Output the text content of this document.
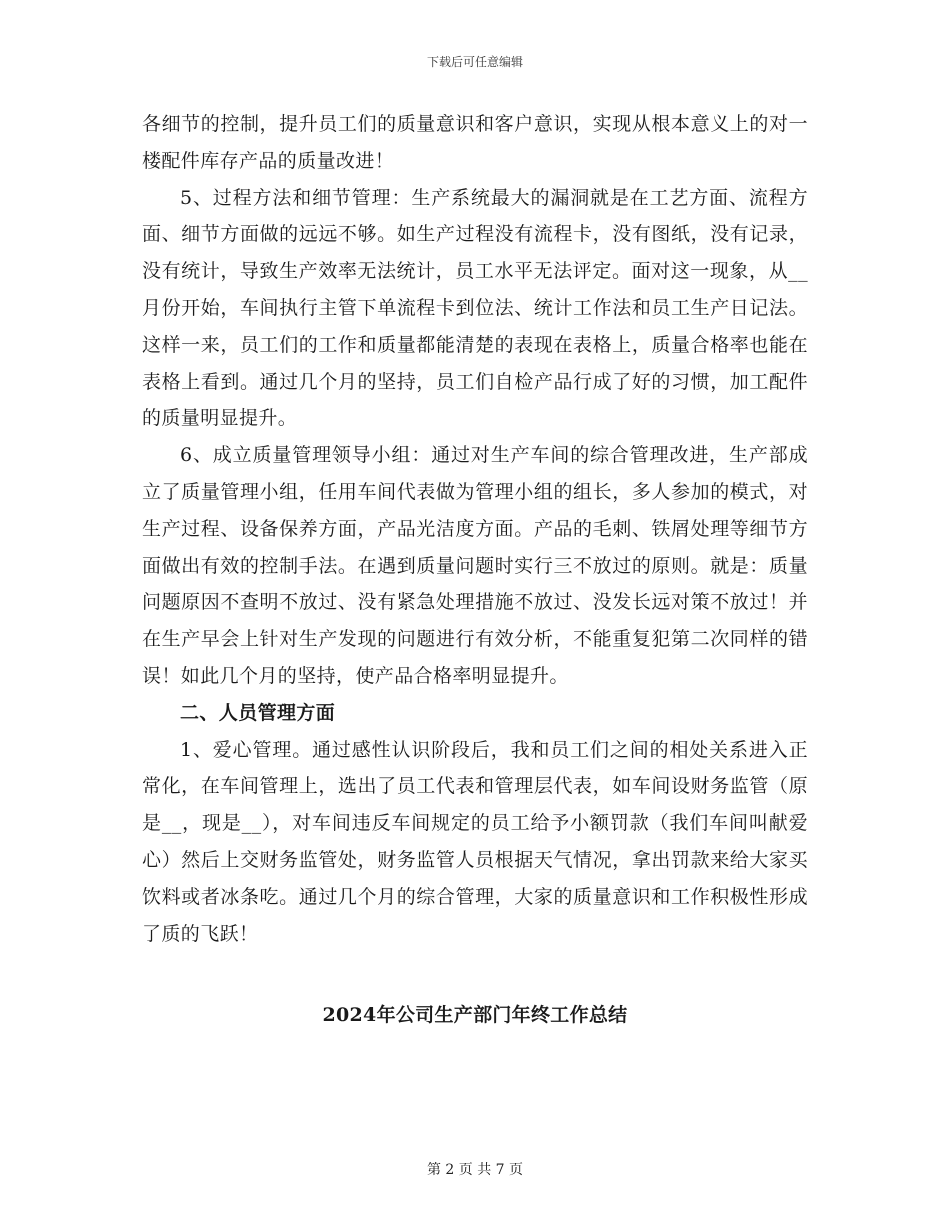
下载后可任意编辑

各细节的控制，提升员工们的质量意识和客户意识，实现从根本意义上的对一楼配件库存产品的质量改进！

5、过程方法和细节管理：生产系统最大的漏洞就是在工艺方面、流程方面、细节方面做的远远不够。如生产过程没有流程卡，没有图纸，没有记录，没有统计，导致生产效率无法统计，员工水平无法评定。面对这一现象，从__月份开始，车间执行主管下单流程卡到位法、统计工作法和员工生产日记法。这样一来，员工们的工作和质量都能清楚的表现在表格上，质量合格率也能在表格上看到。通过几个月的坚持，员工们自检产品行成了好的习惯，加工配件的质量明显提升。

6、成立质量管理领导小组：通过对生产车间的综合管理改进，生产部成立了质量管理小组，任用车间代表做为管理小组的组长，多人参加的模式，对生产过程、设备保养方面，产品光洁度方面。产品的毛刺、铁屑处理等细节方面做出有效的控制手法。在遇到质量问题时实行三不放过的原则。就是：质量问题原因不查明不放过、没有紧急处理措施不放过、没发长远对策不放过！并在生产早会上针对生产发现的问题进行有效分析，不能重复犯第二次同样的错误！如此几个月的坚持，使产品合格率明显提升。

二、人员管理方面

1、爱心管理。通过感性认识阶段后，我和员工们之间的相处关系进入正常化，在车间管理上，选出了员工代表和管理层代表，如车间设财务监管（原是__，现是__），对车间违反车间规定的员工给予小额罚款（我们车间叫献爱心）然后上交财务监管处，财务监管人员根据天气情况，拿出罚款来给大家买饮料或者冰条吃。通过几个月的综合管理，大家的质量意识和工作积极性形成了质的飞跃！

2024年公司生产部门年终工作总结
第 2 页 共 7 页
